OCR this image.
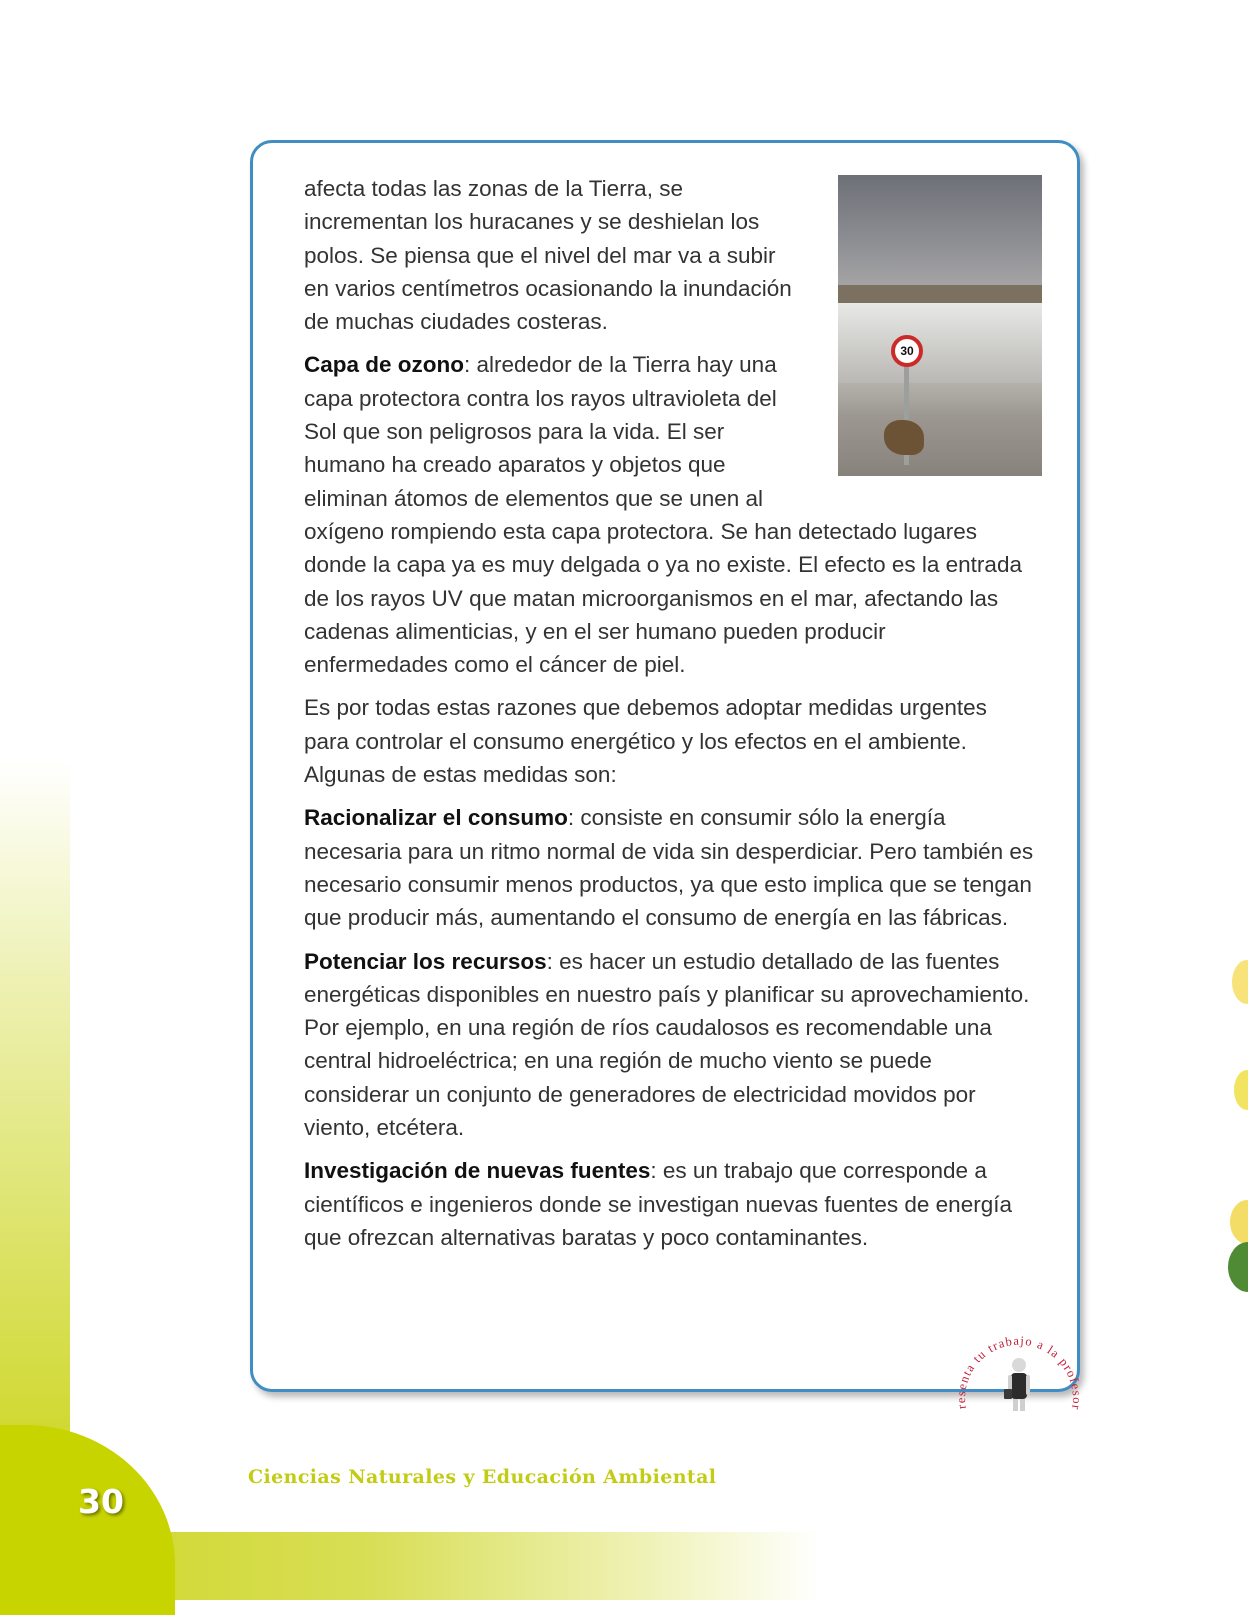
30
Ciencias Naturales y Educación Ambiental
30

afecta todas las zonas de la Tierra, se incrementan los huracanes y se deshielan los polos. Se piensa que el nivel del mar va a subir en varios centímetros ocasionando la inundación de muchas ciudades costeras.

Capa de ozono: alrededor de la Tierra hay una capa protectora contra los rayos ultravioleta del Sol que son peligrosos para la vida. El ser humano ha creado aparatos y objetos que eliminan átomos de elementos que se unen al oxígeno rompiendo esta capa protectora. Se han detectado lugares donde la capa ya es muy delgada o ya no existe. El efecto es la entrada de los rayos UV que matan microorganismos en el mar, afectando las cadenas alimenticias, y en el ser humano pueden producir enfermedades como el cáncer de piel.

Es por todas estas razones que debemos adoptar medidas urgentes para controlar el consumo energético y los efectos en el ambiente. Algunas de estas medidas son:

Racionalizar el consumo: consiste en consumir sólo la energía necesaria para un ritmo normal de vida sin desperdiciar. Pero también es necesario consumir menos productos, ya que esto implica que se tengan que producir más, aumentando el consumo de energía en las fábricas.

Potenciar los recursos: es hacer un estudio detallado de las fuentes energéticas disponibles en nuestro país y planificar su aprovechamiento. Por ejemplo, en una región de ríos caudalosos es recomendable una central hidroeléctrica; en una región de mucho viento se puede considerar un conjunto de generadores de electricidad movidos por viento, etcétera.

Investigación de nuevas fuentes: es un trabajo que corresponde a científicos e ingenieros donde se investigan nuevas fuentes de energía que ofrezcan alternativas baratas y poco contaminantes.

resenta tu trabajo a la profesor
